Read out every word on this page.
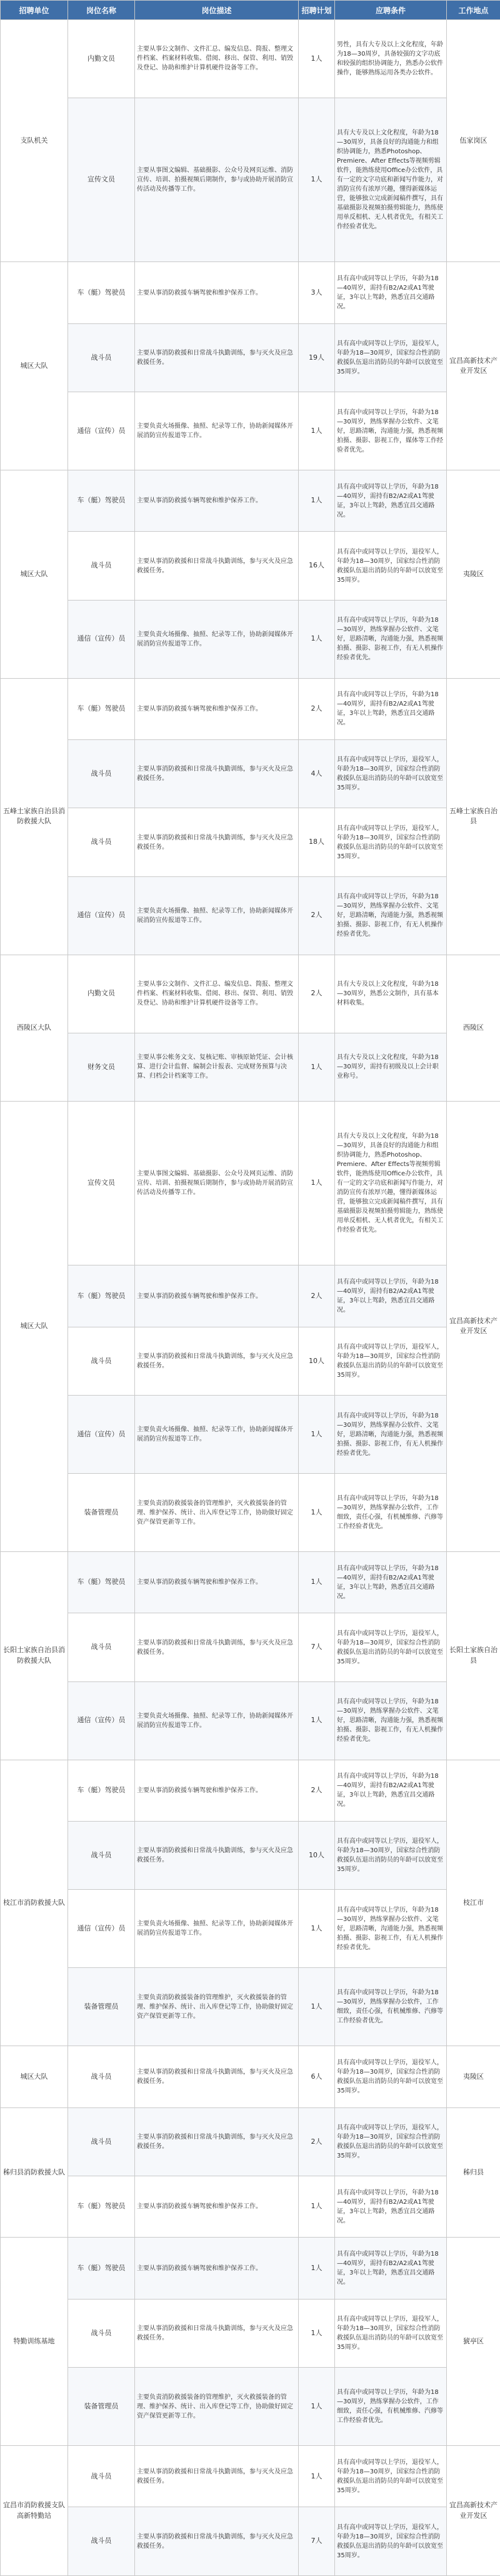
招聘单位	岗位名称	岗位描述	招聘计划	应聘条件	工作地点
支队机关	内勤文员	主要从事公文制作、文件汇总、编发信息、简报、整理文件档案、档案材料收集、借阅、移出、保管、利用、销毁及登记、协助和维护计算机硬件设备等工作。	1人	男性，具有大专及以上文化程度，年龄为18—30周岁，具备较强的文字功底和较强的组织协调能力，熟悉办公软件操作，能够熟练运用各类办公软件。	伍家岗区
	宣传文员	主要从事图文编辑、基础摄影、公众号及网页运维、消防宣传、培训、拍摄视频后期制作，参与或协助开展消防宣传活动及传播等工作。	1人	具有大专及以上文化程度，年龄为18—30周岁，具备良好的沟通能力和组织协调能力，熟悉Photoshop、Premiere、After Effects等视频剪辑软件，能熟练使用Office办公软件，具有一定的文字功底和新闻写作能力，对消防宣传有浓厚兴趣，懂得新媒体运营，能够独立完成新闻稿件撰写，具有基础摄影及视频拍摄剪辑能力，熟练使用单反相机、无人机者优先，有相关工作经验者优先。	
城区大队	车（艇）驾驶员	主要从事消防救援车辆驾驶和维护保养工作。	3人	具有高中或同等以上学历，年龄为18—40周岁，需持有B2/A2或A1驾驶证，3年以上驾龄，熟悉宜昌交通路况。	宜昌高新技术产业开发区
	战斗员	主要从事消防救援和日常战斗执勤训练，参与灭火及应急救援任务。	19人	具有高中或同等以上学历，退役军人，年龄为18—30周岁，国家综合性消防救援队伍退出消防员的年龄可以放宽至35周岁。	
	通信（宣传）员	主要负责火场摄像、抽照、纪录等工作，协助新闻媒体开展消防宣传报道等工作。	1人	具有高中或同等以上学历，年龄为18—30周岁，熟练掌握办公软件、文笔好，思路清晰，沟通能力强，熟悉视频拍摄、摄影、影视工作，媒体等工作经验者优先。	
城区大队	车（艇）驾驶员	主要从事消防救援车辆驾驶和维护保养工作。	1人	具有高中或同等以上学历，年龄为18—40周岁，需持有B2/A2或A1驾驶证，3年以上驾龄，熟悉宜昌交通路况。	夷陵区
	战斗员	主要从事消防救援和日常战斗执勤训练，参与灭火及应急救援任务。	16人	具有高中或同等以上学历，退役军人，年龄为18—30周岁，国家综合性消防救援队伍退出消防员的年龄可以放宽至35周岁。	
	通信（宣传）员	主要负责火场摄像、抽照、纪录等工作，协助新闻媒体开展消防宣传报道等工作。	1人	具有高中或同等以上学历，年龄为18—30周岁，熟练掌握办公软件、文笔好，思路清晰，沟通能力强，熟悉视频拍摄、摄影、影视工作，有无人机操作经验者优先。	
五峰土家族自治县消防救援大队	车（艇）驾驶员	主要从事消防救援车辆驾驶和维护保养工作。	2人	具有高中或同等以上学历，年龄为18—40周岁，需持有B2/A2或A1驾驶证，3年以上驾龄，熟悉宜昌交通路况。	五峰土家族自治县
	战斗员	主要从事消防救援和日常战斗执勤训练，参与灭火及应急救援任务。	4人	具有高中或同等以上学历，退役军人，年龄为18—30周岁，国家综合性消防救援队伍退出消防员的年龄可以放宽至35周岁。	
	战斗员	主要从事消防救援和日常战斗执勤训练，参与灭火及应急救援任务。	18人	具有高中或同等以上学历，退役军人，年龄为18—30周岁，国家综合性消防救援队伍退出消防员的年龄可以放宽至35周岁。	
	通信（宣传）员	主要负责火场摄像、抽照、纪录等工作，协助新闻媒体开展消防宣传报道等工作。	2人	具有高中或同等以上学历，年龄为18—30周岁，熟练掌握办公软件、文笔好，思路清晰，沟通能力强，熟悉视频拍摄、摄影、影视工作，有无人机操作经验者优先。	
西陵区大队	内勤文员	主要从事公文制作、文件汇总、编发信息、简报、整理文件档案、档案材料收集、借阅、移出、保管、利用、销毁及登记、协助和维护计算机硬件设备等工作。	2人	具有大专及以上文化程度，年龄为18—30周岁，熟悉公文制作，具有基本材料收集。	西陵区
	财务文员	主要从事公帐务文支、复核记账、审核原始凭证、会计核算、进行会计监督、编制会计报表、完成财务预算与决算、归档会计档案等工作。	1人	具有大专及以上文化程度，年龄为18—30周岁，需持有初级及以上会计职业称号。	
城区大队	宣传文员	主要从事图文编辑、基础摄影、公众号及网页运维、消防宣传、培训、拍摄视频后期制作，参与或协助开展消防宣传活动及传播等工作。	1人	具有大专及以上文化程度，年龄为18—30周岁，具备良好的沟通能力和组织协调能力，熟悉Photoshop、Premiere、After Effects等视频剪辑软件，能熟练使用Office办公软件，具有一定的文字功底和新闻写作能力，对消防宣传有浓厚兴趣，懂得新媒体运营，能够独立完成新闻稿件撰写，具有基础摄影及视频拍摄剪辑能力，熟练使用单反相机、无人机者优先，有相关工作经验者优先。	宜昌高新技术产业开发区
	车（艇）驾驶员	主要从事消防救援车辆驾驶和维护保养工作。	2人	具有高中或同等以上学历，年龄为18—40周岁，需持有B2/A2或A1驾驶证，3年以上驾龄，熟悉宜昌交通路况。	
	战斗员	主要从事消防救援和日常战斗执勤训练，参与灭火及应急救援任务。	10人	具有高中或同等以上学历，退役军人，年龄为18—30周岁，国家综合性消防救援队伍退出消防员的年龄可以放宽至35周岁。	
	通信（宣传）员	主要负责火场摄像、抽照、纪录等工作，协助新闻媒体开展消防宣传报道等工作。	1人	具有高中或同等以上学历，年龄为18—30周岁，熟练掌握办公软件、文笔好，思路清晰，沟通能力强，熟悉视频拍摄、摄影、影视工作，有无人机操作经验者优先。	
	装备管理员	主要负责消防救援装备的管理维护，灭火救援装备的管理、维护保养、统计、出入库登记等工作，协助做好固定资产保管更新等工作。	1人	具有高中或同等以上学历，年龄为18—30周岁，熟练掌握办公软件，工作细致，责任心强，有机械维修、汽修等工作经验者优先。	
长阳土家族自治县消防救援大队	车（艇）驾驶员	主要从事消防救援车辆驾驶和维护保养工作。	1人	具有高中或同等以上学历，年龄为18—40周岁，需持有B2/A2或A1驾驶证，3年以上驾龄，熟悉宜昌交通路况。	长阳土家族自治县
	战斗员	主要从事消防救援和日常战斗执勤训练，参与灭火及应急救援任务。	7人	具有高中或同等以上学历，退役军人，年龄为18—30周岁，国家综合性消防救援队伍退出消防员的年龄可以放宽至35周岁。	
	通信（宣传）员	主要负责火场摄像、抽照、纪录等工作，协助新闻媒体开展消防宣传报道等工作。	1人	具有高中或同等以上学历，年龄为18—30周岁，熟练掌握办公软件、文笔好，思路清晰，沟通能力强，熟悉视频拍摄、摄影、影视工作，有无人机操作经验者优先。	
枝江市消防救援大队	车（艇）驾驶员	主要从事消防救援车辆驾驶和维护保养工作。	2人	具有高中或同等以上学历，年龄为18—40周岁，需持有B2/A2或A1驾驶证，3年以上驾龄，熟悉宜昌交通路况。	枝江市
	战斗员	主要从事消防救援和日常战斗执勤训练，参与灭火及应急救援任务。	10人	具有高中或同等以上学历，退役军人，年龄为18—30周岁，国家综合性消防救援队伍退出消防员的年龄可以放宽至35周岁。	
	通信（宣传）员	主要负责火场摄像、抽照、纪录等工作，协助新闻媒体开展消防宣传报道等工作。	1人	具有高中或同等以上学历，年龄为18—30周岁，熟练掌握办公软件、文笔好，思路清晰，沟通能力强，熟悉视频拍摄、摄影、影视工作，有无人机操作经验者优先。	
	装备管理员	主要负责消防救援装备的管理维护，灭火救援装备的管理、维护保养、统计、出入库登记等工作，协助做好固定资产保管更新等工作。	1人	具有高中或同等以上学历，年龄为18—30周岁，熟练掌握办公软件，工作细致，责任心强，有机械维修、汽修等工作经验者优先。	
城区大队	战斗员	主要从事消防救援和日常战斗执勤训练，参与灭火及应急救援任务。	6人	具有高中或同等以上学历，退役军人，年龄为18—30周岁，国家综合性消防救援队伍退出消防员的年龄可以放宽至35周岁。	夷陵区
秭归县消防救援大队	战斗员	主要从事消防救援和日常战斗执勤训练，参与灭火及应急救援任务。	2人	具有高中或同等以上学历，退役军人，年龄为18—30周岁，国家综合性消防救援队伍退出消防员的年龄可以放宽至35周岁。	秭归县
	车（艇）驾驶员	主要从事消防救援车辆驾驶和维护保养工作。	1人	具有高中或同等以上学历，年龄为18—40周岁，需持有B2/A2或A1驾驶证，3年以上驾龄，熟悉宜昌交通路况。	
特勤训练基地	车（艇）驾驶员	主要从事消防救援车辆驾驶和维护保养工作。	1人	具有高中或同等以上学历，年龄为18—40周岁，需持有B2/A2或A1驾驶证，3年以上驾龄，熟悉宜昌交通路况。	猇亭区
	战斗员	主要从事消防救援和日常战斗执勤训练，参与灭火及应急救援任务。	1人	具有高中或同等以上学历，退役军人，年龄为18—30周岁，国家综合性消防救援队伍退出消防员的年龄可以放宽至35周岁。	
	装备管理员	主要负责消防救援装备的管理维护，灭火救援装备的管理、维护保养、统计、出入库登记等工作，协助做好固定资产保管更新等工作。	1人	具有高中或同等以上学历，年龄为18—30周岁，熟练掌握办公软件，工作细致，责任心强，有机械维修、汽修等工作经验者优先。	
宜昌市消防救援支队高新特勤站	战斗员	主要从事消防救援和日常战斗执勤训练，参与灭火及应急救援任务。	1人	具有高中或同等以上学历，退役军人，年龄为18—30周岁，国家综合性消防救援队伍退出消防员的年龄可以放宽至35周岁。	宜昌高新技术产业开发区
	战斗员	主要从事消防救援和日常战斗执勤训练，参与灭火及应急救援任务。	7人	具有高中或同等以上学历，退役军人，年龄为18—30周岁，国家综合性消防救援队伍退出消防员的年龄可以放宽至35周岁。	
